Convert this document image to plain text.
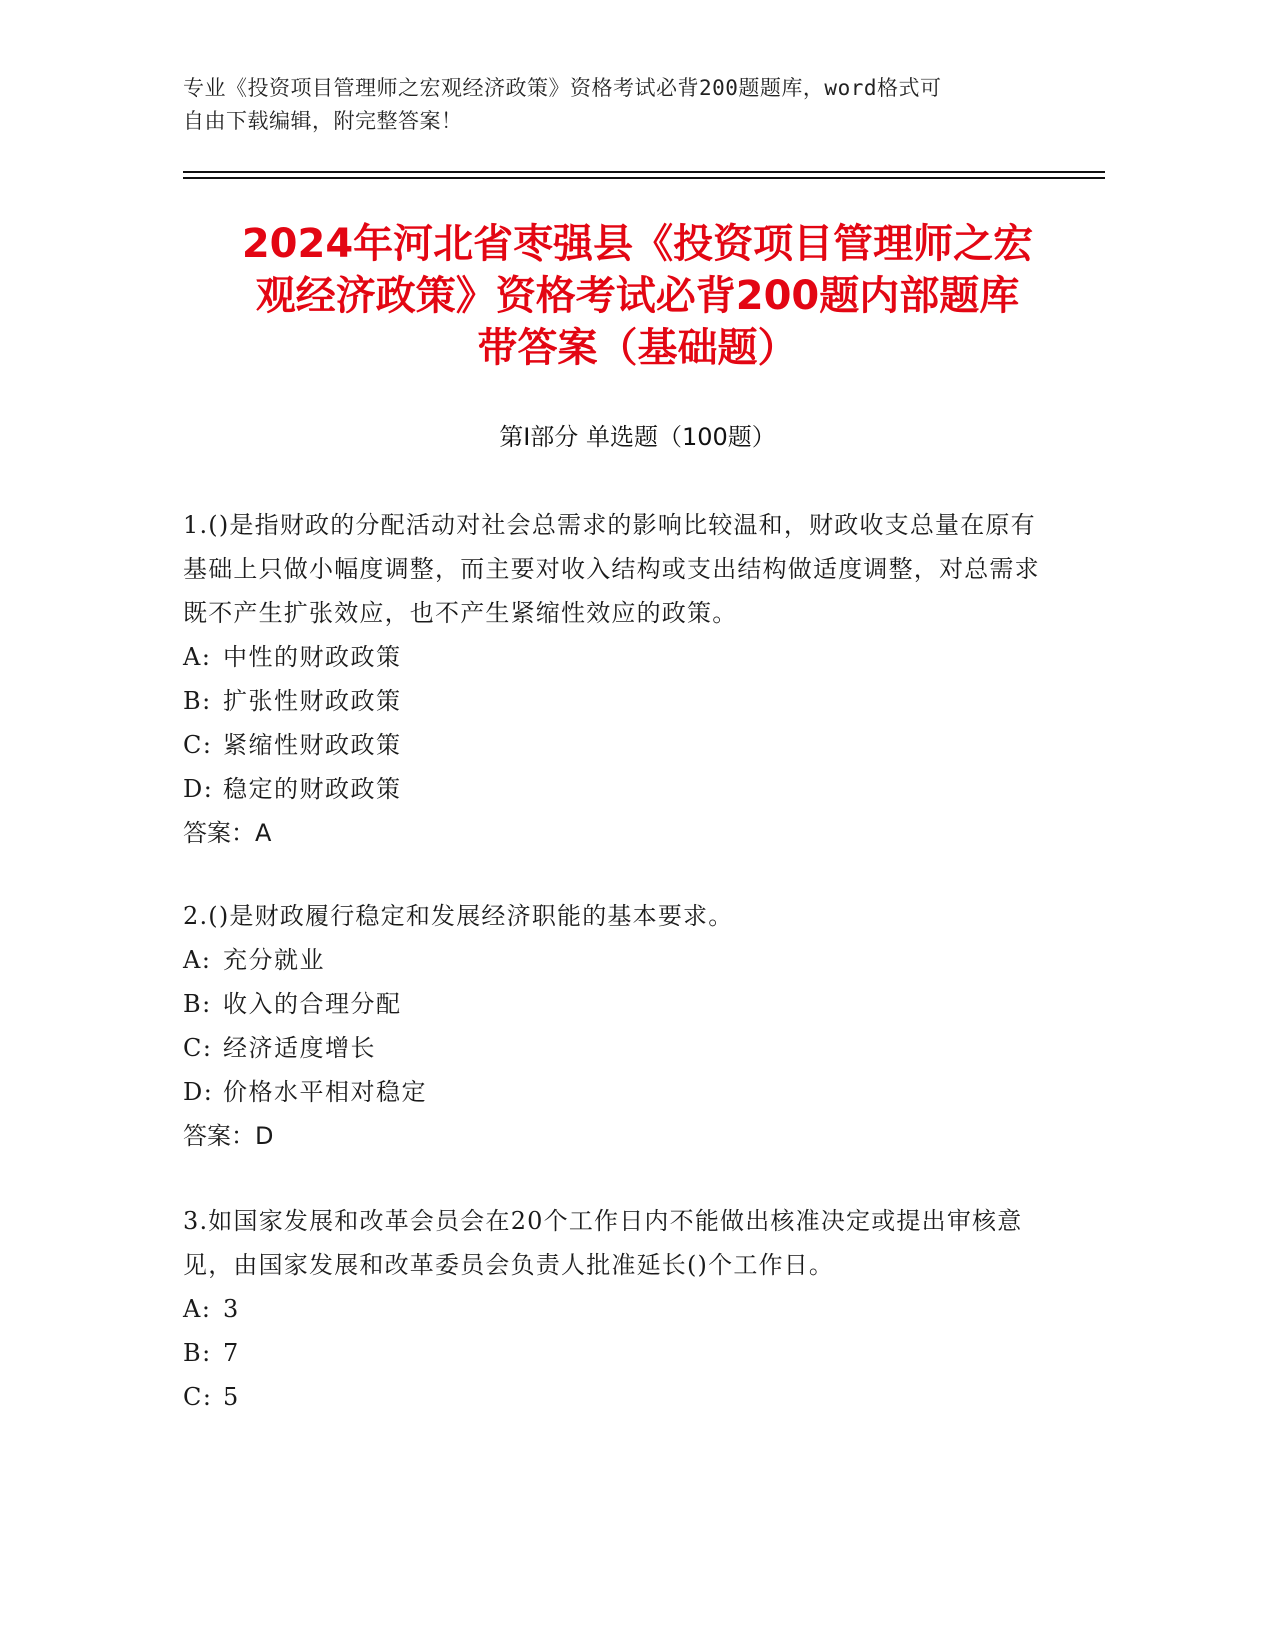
专业《投资项目管理师之宏观经济政策》资格考试必背200题题库，word格式可
自由下载编辑，附完整答案！
2024年河北省枣强县《投资项目管理师之宏
观经济政策》资格考试必背200题内部题库
带答案（基础题）
第Ⅰ部分 单选题（100题）
1.()是指财政的分配活动对社会总需求的影响比较温和，财政收支总量在原有基础上只做小幅度调整，而主要对收入结构或支出结构做适度调整，对总需求既不产生扩张效应，也不产生紧缩性效应的政策。
A: 中性的财政政策
B: 扩张性财政政策
C: 紧缩性财政政策
D: 稳定的财政政策
答案：A
2.()是财政履行稳定和发展经济职能的基本要求。
A: 充分就业
B: 收入的合理分配
C: 经济适度增长
D: 价格水平相对稳定
答案：D
3.如国家发展和改革会员会在20个工作日内不能做出核准决定或提出审核意见，由国家发展和改革委员会负责人批准延长()个工作日。
A: 3
B: 7
C: 5
